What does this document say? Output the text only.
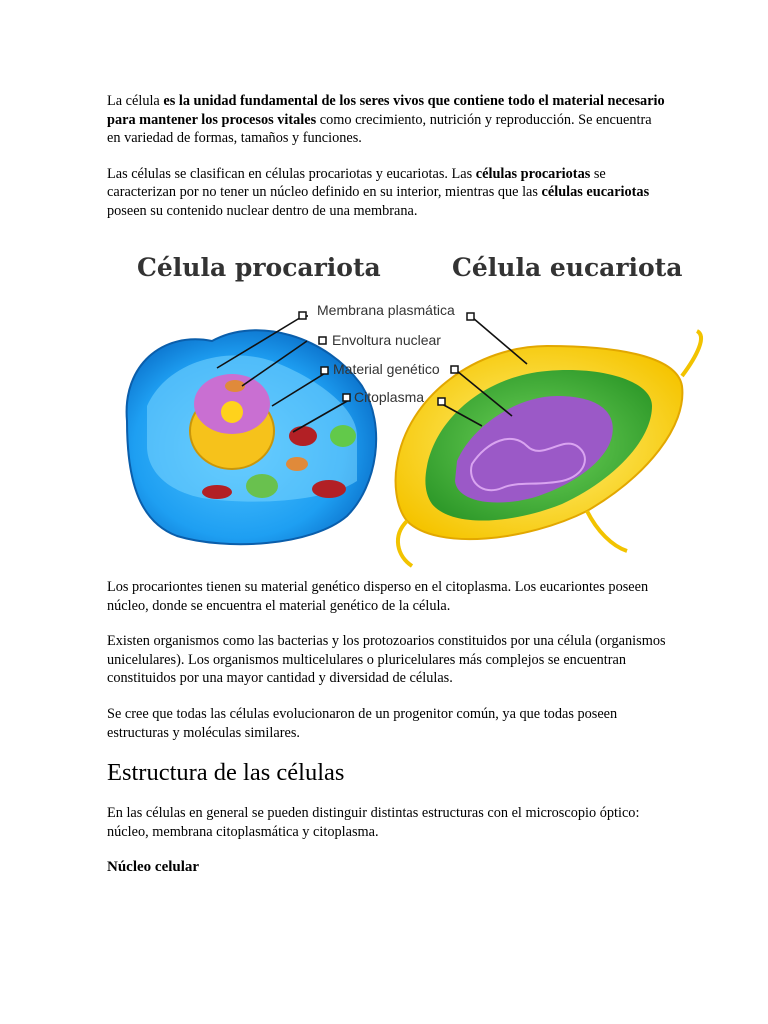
La célula es la unidad fundamental de los seres vivos que contiene todo el material necesario para mantener los procesos vitales como crecimiento, nutrición y reproducción. Se encuentra en variedad de formas, tamaños y funciones.

Las células se clasifican en células procariotas y eucariotas. Las células procariotas se caracterizan por no tener un núcleo definido en su interior, mientras que las células eucariotas poseen su contenido nuclear dentro de una membrana.

Célula procariota	Célula eucariota
Membrana plasmática
Envoltura nuclear
Material genético
Citoplasma

Los procariontes tienen su material genético disperso en el citoplasma. Los eucariontes poseen núcleo, donde se encuentra el material genético de la célula.

Existen organismos como las bacterias y los protozoarios constituidos por una célula (organismos unicelulares). Los organismos multicelulares o pluricelulares más complejos se encuentran constituidos por una mayor cantidad y diversidad de células.

Se cree que todas las células evolucionaron de un progenitor común, ya que todas poseen estructuras y moléculas similares.

Estructura de las células

En las células en general se pueden distinguir distintas estructuras con el microscopio óptico: núcleo, membrana citoplasmática y citoplasma.

Núcleo celular
